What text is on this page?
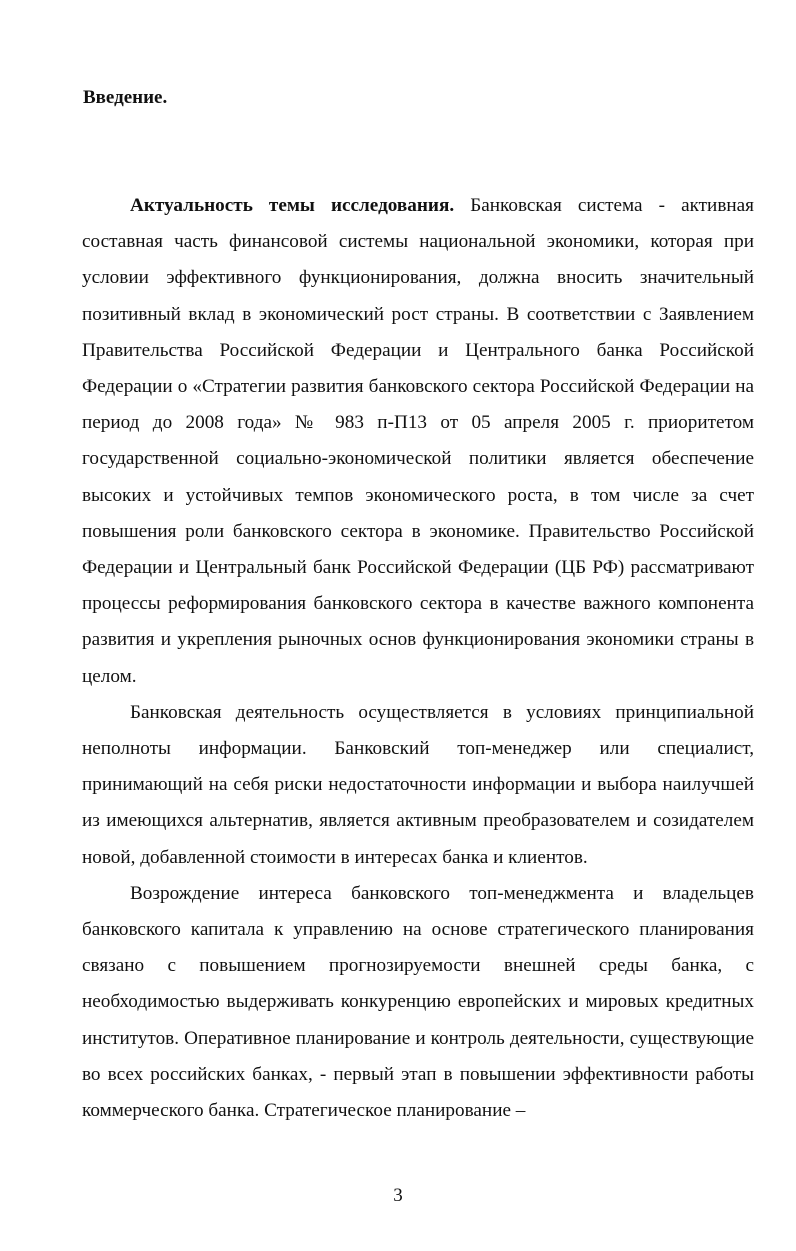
Введение.

Актуальность темы исследования. Банковская система - активная составная часть финансовой системы национальной экономики, которая при условии эффективного функционирования, должна вносить значительный позитивный вклад в экономический рост страны. В соответствии с Заявлением Правительства Российской Федерации и Центрального банка Российской Федерации о «Стратегии развития банковского сектора Российской Федерации на период до 2008 года» № 983 п-П13 от 05 апреля 2005 г. приоритетом государственной социально-экономической политики является обеспечение высоких и устойчивых темпов экономического роста, в том числе за счет повышения роли банковского сектора в экономике. Правительство Российской Федерации и Центральный банк Российской Федерации (ЦБ РФ) рассматривают процессы реформирования банковского сектора в качестве важного компонента развития и укрепления рыночных основ функционирования экономики страны в целом.

Банковская деятельность осуществляется в условиях принципиальной неполноты информации. Банковский топ-менеджер или специалист, принимающий на себя риски недостаточности информации и выбора наилучшей из имеющихся альтернатив, является активным преобразователем и созидателем новой, добавленной стоимости в интересах банка и клиентов.

Возрождение интереса банковского топ-менеджмента и владельцев банковского капитала к управлению на основе стратегического планирования связано с повышением прогнозируемости внешней среды банка, с необходимостью выдерживать конкуренцию европейских и мировых кредитных институтов. Оперативное планирование и контроль деятельности, существующие во всех российских банках, - первый этап в повышении эффективности работы коммерческого банка. Стратегическое планирование –

3
